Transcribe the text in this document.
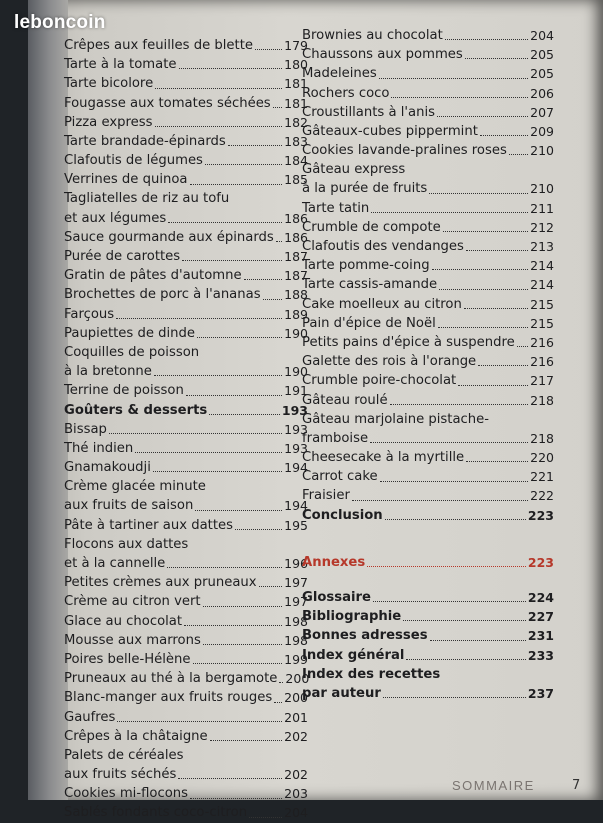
leboncoin
Crêpes aux feuilles de blette 179
Tarte à la tomate	180
Tarte bicolore	181
Fougasse aux tomates séchées 181
Pizza express	182
Tarte brandade-épinards	183
Clafoutis de légumes	184
Verrines de quinoa	185
Tagliatelles de riz au tofu
et aux légumes	186
Sauce gourmande aux épinards 186
Purée de carottes	187
Gratin de pâtes d'automne	187
Brochettes de porc à l'ananas 188
Farçous	189
Paupiettes de dinde	190
Coquilles de poisson
à la bretonne	190
Terrine de poisson	191
Goûters & desserts	193
Bissap	193
Thé indien	193
Gnamakoudji	194
Crème glacée minute
aux fruits de saison	194
Pâte à tartiner aux dattes	195
Flocons aux dattes
et à la cannelle	196
Petites crèmes aux pruneaux 197
Crème au citron vert	197
Glace au chocolat	198
Mousse aux marrons	198
Poires belle-Hélène	199
Pruneaux au thé à la bergamote 200
Blanc-manger aux fruits rouges 200
Gaufres	201
Crêpes à la châtaigne	202
Palets de céréales
aux fruits séchés	202
Cookies mi-flocons	203
Sablés fondants coco-citron	204
Brownies au chocolat	204
Chaussons aux pommes	205
Madeleines	205
Rochers coco	206
Croustillants à l'anis	207
Gâteaux-cubes pippermint	209
Cookies lavande-pralines roses 210
Gâteau express
à la purée de fruits	210
Tarte tatin	211
Crumble de compote	212
Clafoutis des vendanges	213
Tarte pomme-coing	214
Tarte cassis-amande	214
Cake moelleux au citron	215
Pain d'épice de Noël	215
Petits pains d'épice à suspendre 216
Galette des rois à l'orange	216
Crumble poire-chocolat	217
Gâteau roulé	218
Gâteau marjolaine pistache-
framboise	218
Cheesecake à la myrtille	220
Carrot cake	221
Fraisier	222
Conclusion	223
Annexes	223
Glossaire	224
Bibliographie	227
Bonnes adresses	231
Index général	233
Index des recettes
par auteur	237
SOMMAIRE	7
